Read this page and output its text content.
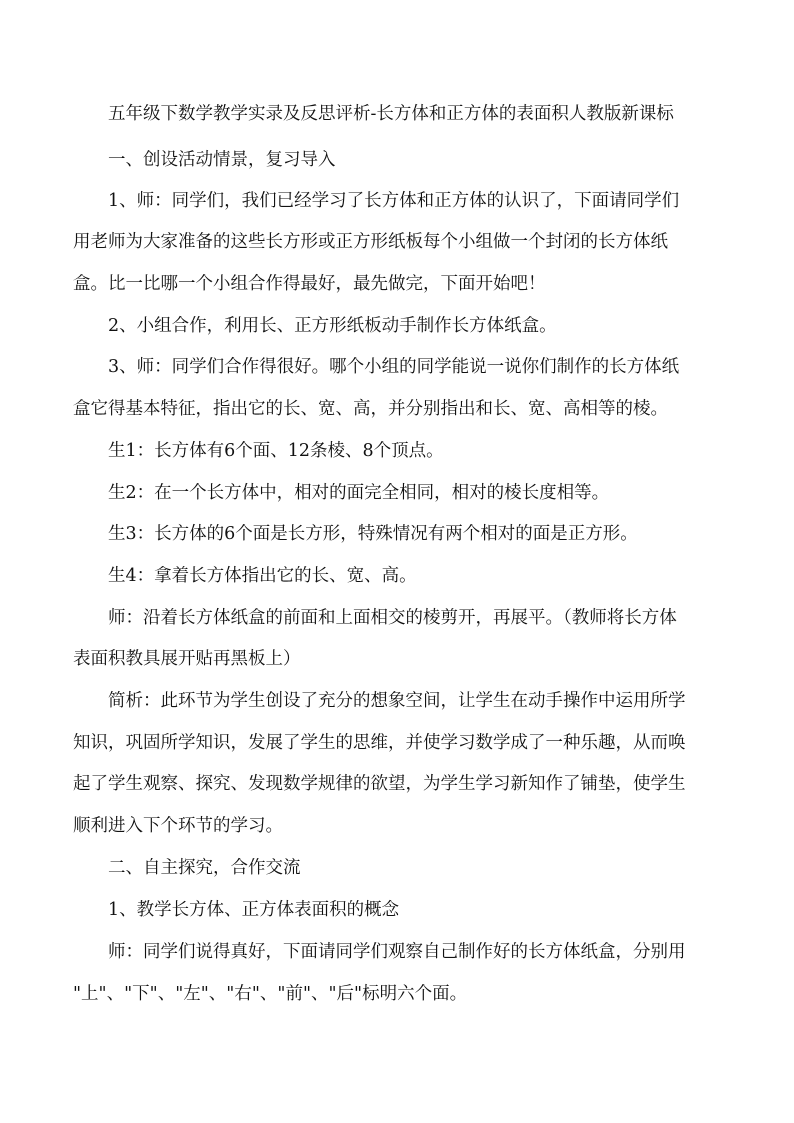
五年级下数学教学实录及反思评析-长方体和正方体的表面积人教版新课标
一、创设活动情景，复习导入
1、师：同学们，我们已经学习了长方体和正方体的认识了，下面请同学们
用老师为大家准备的这些长方形或正方形纸板每个小组做一个封闭的长方体纸
盒。比一比哪一个小组合作得最好，最先做完，下面开始吧！
2、小组合作，利用长、正方形纸板动手制作长方体纸盒。
3、师：同学们合作得很好。哪个小组的同学能说一说你们制作的长方体纸
盒它得基本特征，指出它的长、宽、高，并分别指出和长、宽、高相等的棱。
生1：长方体有6个面、12条棱、8个顶点。
生2：在一个长方体中，相对的面完全相同，相对的棱长度相等。
生3：长方体的6个面是长方形，特殊情况有两个相对的面是正方形。
生4：拿着长方体指出它的长、宽、高。
师：沿着长方体纸盒的前面和上面相交的棱剪开，再展平。（教师将长方体
表面积教具展开贴再黑板上）
简析：此环节为学生创设了充分的想象空间，让学生在动手操作中运用所学
知识，巩固所学知识，发展了学生的思维，并使学习数学成了一种乐趣，从而唤
起了学生观察、探究、发现数学规律的欲望，为学生学习新知作了铺垫，使学生
顺利进入下个环节的学习。
二、自主探究，合作交流
1、教学长方体、正方体表面积的概念
师：同学们说得真好，下面请同学们观察自己制作好的长方体纸盒，分别用
"上"、"下"、"左"、"右"、"前"、"后"标明六个面。
